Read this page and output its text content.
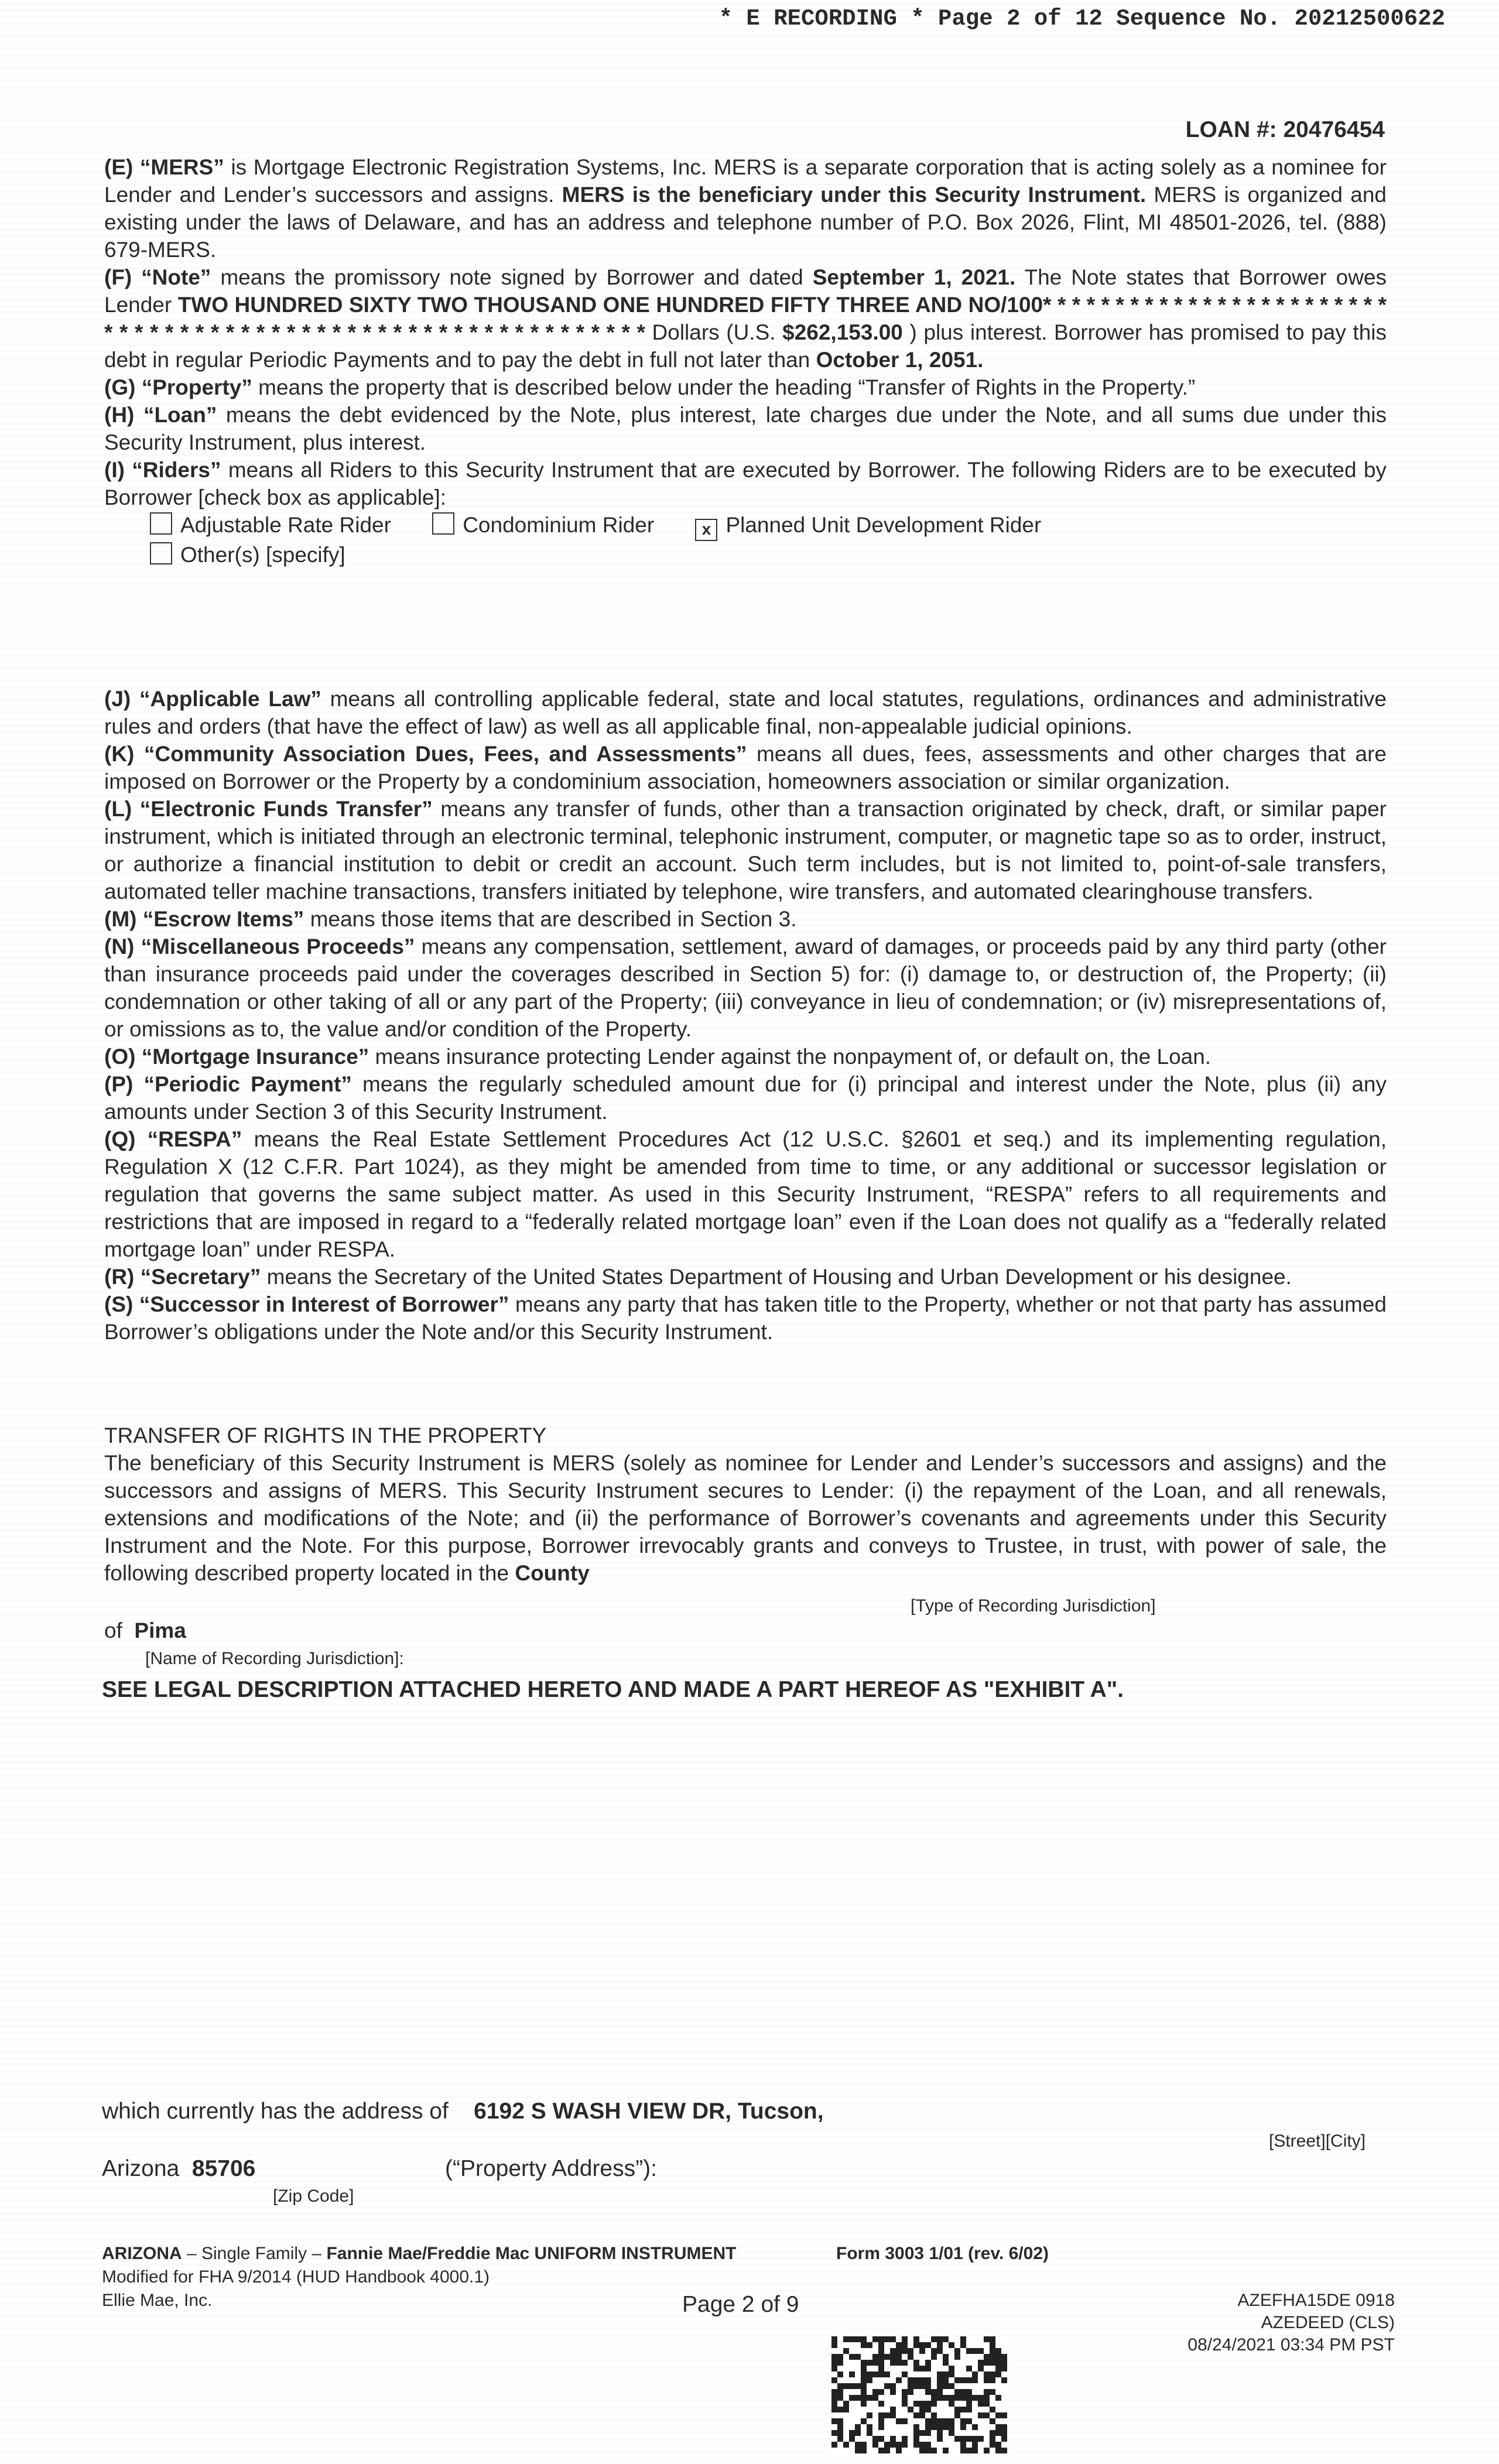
* E RECORDING * Page 2 of 12 Sequence No. 20212500622
LOAN #: 20476454

(E) “MERS” is Mortgage Electronic Registration Systems, Inc. MERS is a separate corporation that is acting solely as a nominee for Lender and Lender’s successors and assigns. MERS is the beneficiary under this Security Instrument. MERS is organized and existing under the laws of Delaware, and has an address and telephone number of P.O. Box 2026, Flint, MI 48501-2026, tel. (888) 679-MERS.

(F) “Note” means the promissory note signed by Borrower and dated September 1, 2021. The Note states that Borrower owes Lender TWO HUNDRED SIXTY TWO THOUSAND ONE HUNDRED FIFTY THREE AND NO/100* * * * * * * * * * * * * * * * * * * * * * * * * * * * * * * * * * * * * * * * * * * * * * * * * * * * * * * * * * * * Dollars (U.S. $262,153.00 ) plus interest. Borrower has promised to pay this debt in regular Periodic Payments and to pay the debt in full not later than October 1, 2051.

(G) “Property” means the property that is described below under the heading “Transfer of Rights in the Property.”

(H) “Loan” means the debt evidenced by the Note, plus interest, late charges due under the Note, and all sums due under this Security Instrument, plus interest.

(I) “Riders” means all Riders to this Security Instrument that are executed by Borrower. The following Riders are to be executed by Borrower [check box as applicable]:

Adjustable Rate Rider	Condominium Rider	x Planned Unit Development Rider
Other(s) [specify]

(J) “Applicable Law” means all controlling applicable federal, state and local statutes, regulations, ordinances and administrative rules and orders (that have the effect of law) as well as all applicable final, non-appealable judicial opinions.

(K) “Community Association Dues, Fees, and Assessments” means all dues, fees, assessments and other charges that are imposed on Borrower or the Property by a condominium association, homeowners association or similar organization.

(L) “Electronic Funds Transfer” means any transfer of funds, other than a transaction originated by check, draft, or similar paper instrument, which is initiated through an electronic terminal, telephonic instrument, computer, or magnetic tape so as to order, instruct, or authorize a financial institution to debit or credit an account. Such term includes, but is not limited to, point-of-sale transfers, automated teller machine transactions, transfers initiated by telephone, wire transfers, and automated clearinghouse transfers.

(M) “Escrow Items” means those items that are described in Section 3.

(N) “Miscellaneous Proceeds” means any compensation, settlement, award of damages, or proceeds paid by any third party (other than insurance proceeds paid under the coverages described in Section 5) for: (i) damage to, or destruction of, the Property; (ii) condemnation or other taking of all or any part of the Property; (iii) conveyance in lieu of condemnation; or (iv) misrepresentations of, or omissions as to, the value and/or condition of the Property.

(O) “Mortgage Insurance” means insurance protecting Lender against the nonpayment of, or default on, the Loan.

(P) “Periodic Payment” means the regularly scheduled amount due for (i) principal and interest under the Note, plus (ii) any amounts under Section 3 of this Security Instrument.

(Q) “RESPA” means the Real Estate Settlement Procedures Act (12 U.S.C. §2601 et seq.) and its implementing regulation, Regulation X (12 C.F.R. Part 1024), as they might be amended from time to time, or any additional or successor legislation or regulation that governs the same subject matter. As used in this Security Instrument, “RESPA” refers to all requirements and restrictions that are imposed in regard to a “federally related mortgage loan” even if the Loan does not qualify as a “federally related mortgage loan” under RESPA.

(R) “Secretary” means the Secretary of the United States Department of Housing and Urban Development or his designee.

(S) “Successor in Interest of Borrower” means any party that has taken title to the Property, whether or not that party has assumed Borrower’s obligations under the Note and/or this Security Instrument.

TRANSFER OF RIGHTS IN THE PROPERTY

The beneficiary of this Security Instrument is MERS (solely as nominee for Lender and Lender’s successors and assigns) and the successors and assigns of MERS. This Security Instrument secures to Lender: (i) the repayment of the Loan, and all renewals, extensions and modifications of the Note; and (ii) the performance of Borrower’s covenants and agreements under this Security Instrument and the Note. For this purpose, Borrower irrevocably grants and conveys to Trustee, in trust, with power of sale, the following described property located in the County

[Type of Recording Jurisdiction]
of Pima
[Name of Recording Jurisdiction]:
SEE LEGAL DESCRIPTION ATTACHED HERETO AND MADE A PART HEREOF AS "EXHIBIT A".
which currently has the address of 6192 S WASH VIEW DR, Tucson,
[Street][City]
Arizona 85706	(“Property Address”):
[Zip Code]
ARIZONA – Single Family – Fannie Mae/Freddie Mac UNIFORM INSTRUMENT	Form 3003 1/01 (rev. 6/02)
Modified for FHA 9/2014 (HUD Handbook 4000.1)
Ellie Mae, Inc.	Page 2 of 9	AZEFHA15DE 0918
AZEDEED (CLS)
08/24/2021 03:34 PM PST
